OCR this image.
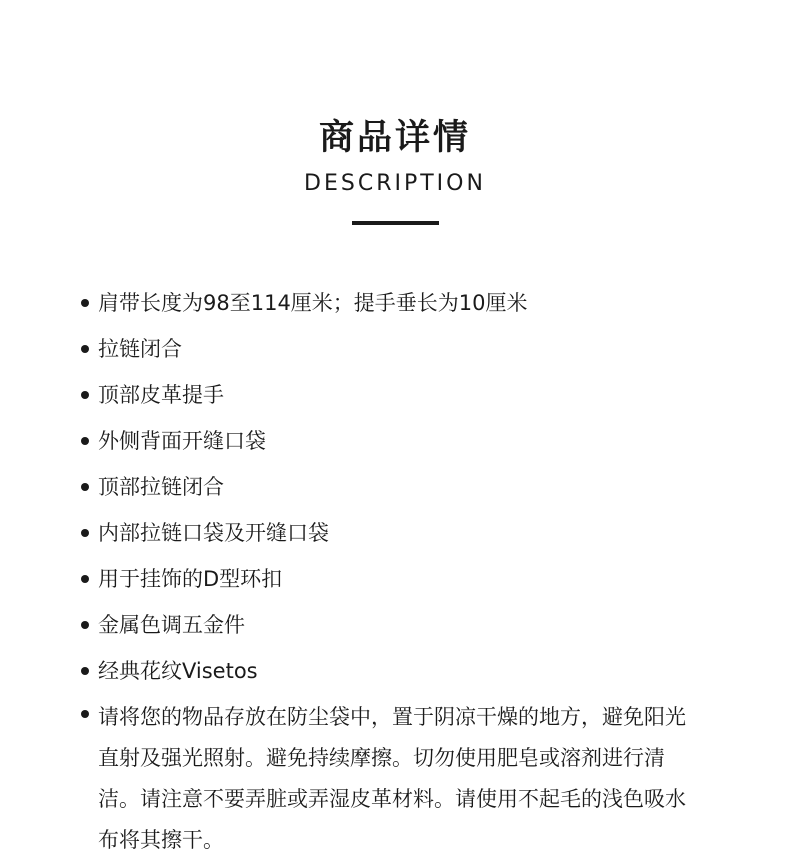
商品详情
DESCRIPTION
肩带长度为98至114厘米；提手垂长为10厘米
拉链闭合
顶部皮革提手
外侧背面开缝口袋
顶部拉链闭合
内部拉链口袋及开缝口袋
用于挂饰的D型环扣
金属色调五金件
经典花纹Visetos
请将您的物品存放在防尘袋中，置于阴凉干燥的地方，避免阳光直射及强光照射。避免持续摩擦。切勿使用肥皂或溶剂进行清洁。请注意不要弄脏或弄湿皮革材料。请使用不起毛的浅色吸水布将其擦干。
